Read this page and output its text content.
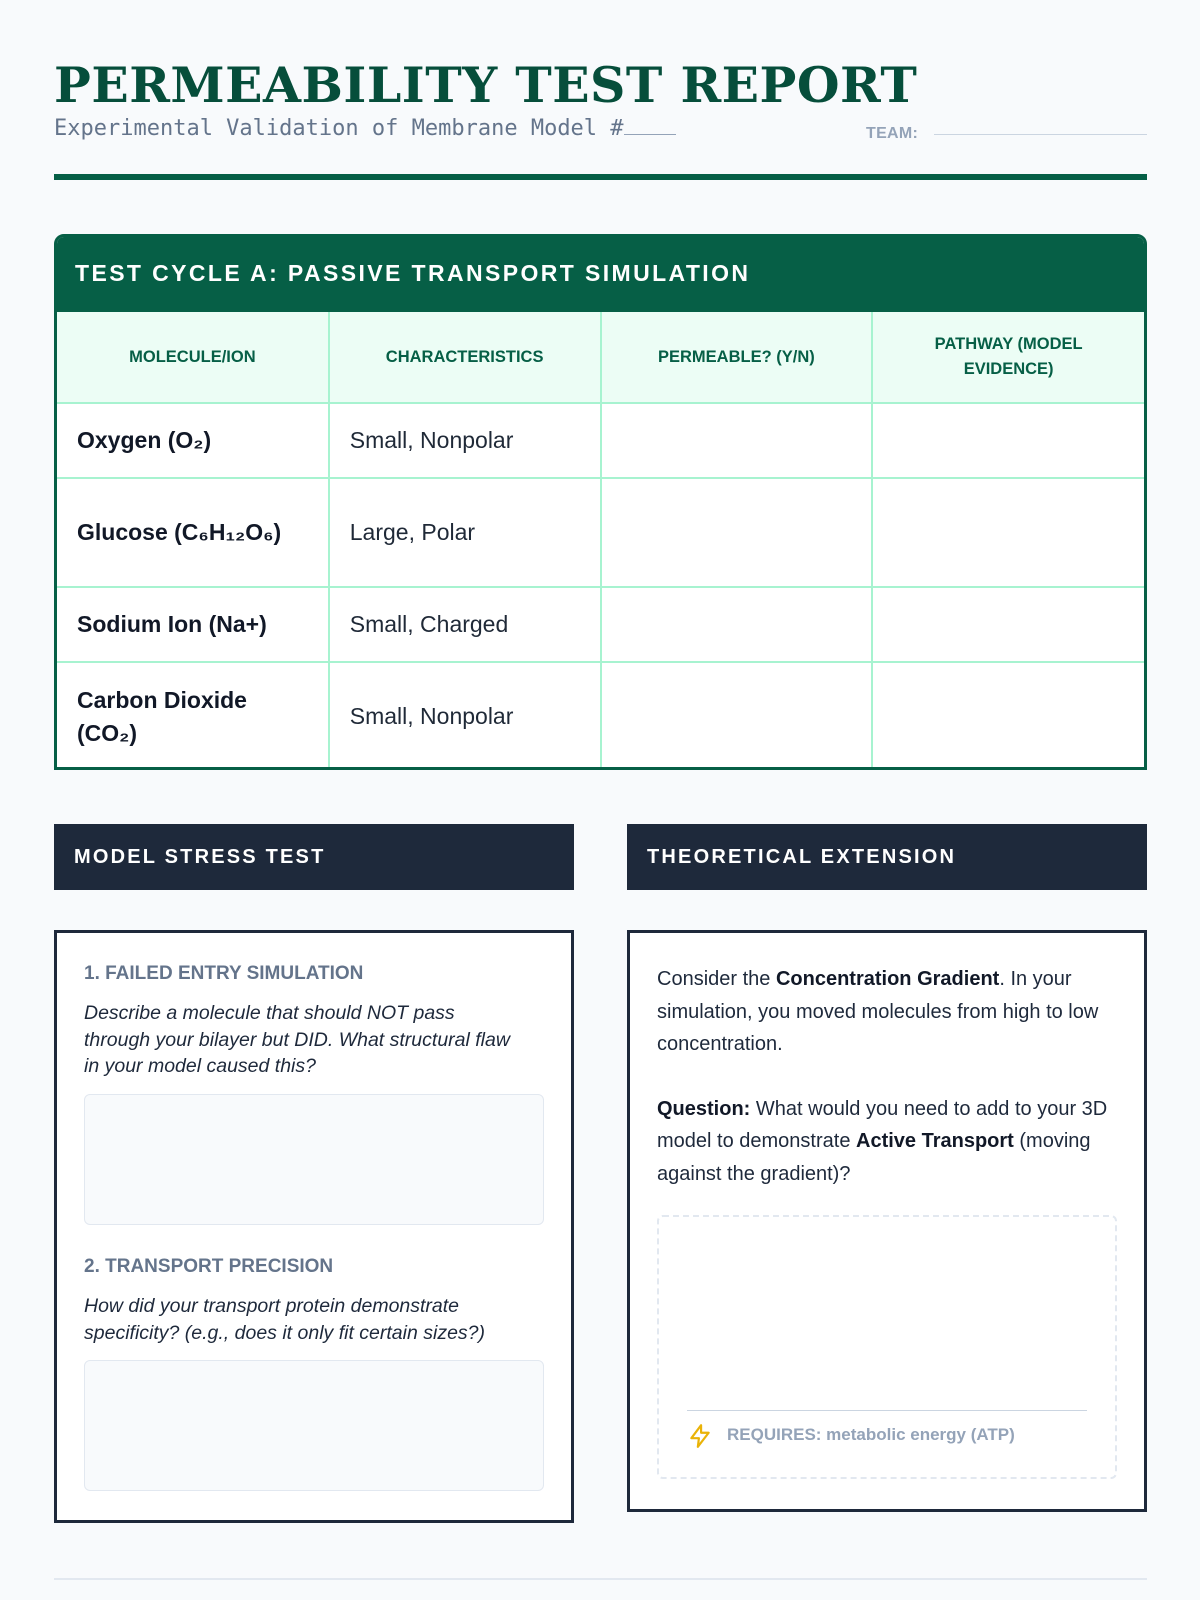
PERMEABILITY TEST REPORT
Experimental Validation of Membrane Model #	TEAM:
TEST CYCLE A: PASSIVE TRANSPORT SIMULATION
MOLECULE/ION	CHARACTERISTICS	PERMEABLE? (Y/N)	PATHWAY (MODEL EVIDENCE)
Oxygen (O₂)	Small, Nonpolar		
Glucose (C₆H₁₂O₆)	Large, Polar		
Sodium Ion (Na+)	Small, Charged		
Carbon Dioxide (CO₂)	Small, Nonpolar		
MODEL STRESS TEST	THEORETICAL EXTENSION
1. FAILED ENTRY SIMULATION
Describe a molecule that should NOT pass through your bilayer but DID. What structural flaw in your model caused this?
2. TRANSPORT PRECISION
How did your transport protein demonstrate specificity? (e.g., does it only fit certain sizes?)

Consider the Concentration Gradient. In your simulation, you moved molecules from high to low concentration.

Question: What would you need to add to your 3D model to demonstrate Active Transport (moving against the gradient)?

REQUIRES: metabolic energy (ATP)
